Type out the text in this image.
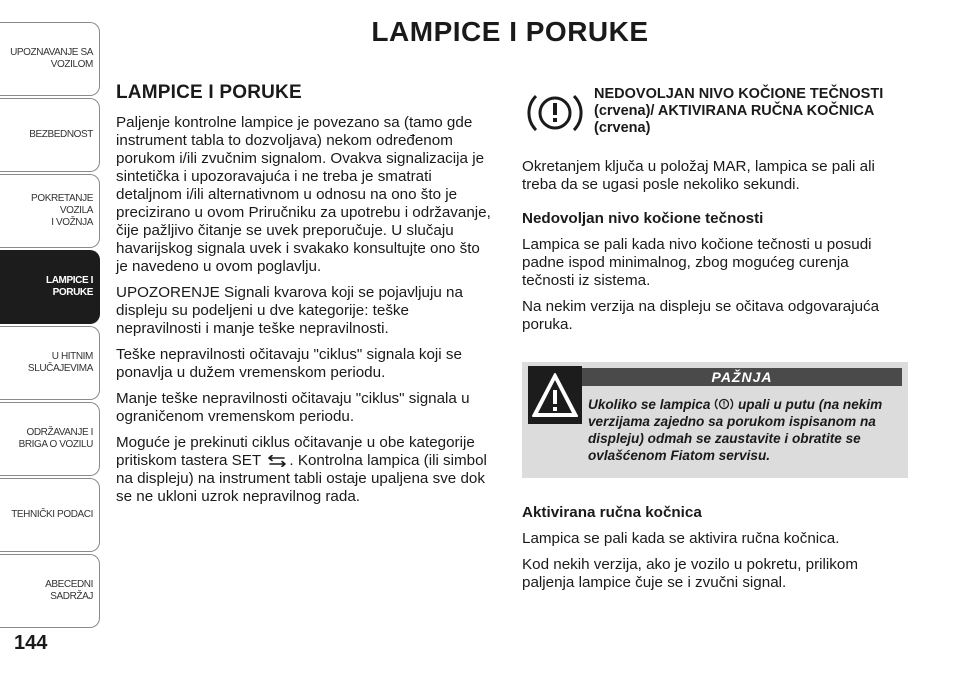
UPOZNAVANJE SA
VOZILOM
BEZBEDNOST
POKRETANJE VOZILA
I VOŽNJA
LAMPICE I
PORUKE
U HITNIM
SLUČAJEVIMA
ODRŽAVANJE I
BRIGA O VOZILU
TEHNIČKI PODACI
ABECEDNI SADRŽAJ
144
LAMPICE I PORUKE
LAMPICE I PORUKE

Paljenje kontrolne lampice je povezano sa (tamo gde instrument tabla to dozvoljava) nekom određenom porukom i/ili zvučnim signalom. Ovakva signalizacija je sintetička i upozoravajuća i ne treba je smatrati detaljnom i/ili alternativnom u odnosu na ono što je precizirano u ovom Priručniku za upotrebu i održavanje, čije pažljivo čitanje se uvek preporučuje. U slučaju havarijskog signala uvek i svakako konsultujte ono što je navedeno u ovom poglavlju.

UPOZORENJE Signali kvarova koji se pojavljuju na displeju su podeljeni u dve kategorije: teške nepravilnosti i manje teške nepravilnosti.

Teške nepravilnosti očitavaju "ciklus" signala koji se ponavlja u dužem vremenskom periodu.

Manje teške nepravilnosti očitavaju "ciklus" signala u ograničenom vremenskom periodu.

Moguće je prekinuti ciklus očitavanje u obe kategorije pritiskom tastera SET . Kontrolna lampica (ili simbol na displeju) na instrument tabli ostaje upaljena sve dok se ne ukloni uzrok nepravilnog rada.

NEDOVOLJAN NIVO KOČIONE TEČNOSTI (crvena)/ AKTIVIRANA RUČNA KOČNICA (crvena)

Okretanjem ključa u položaj MAR, lampica se pali ali treba da se ugasi posle nekoliko sekundi.

Nedovoljan nivo kočione tečnosti

Lampica se pali kada nivo kočione tečnosti u posudi padne ispod minimalnog, zbog mogućeg curenja tečnosti iz sistema.

Na nekim verzija na displeju se očitava odgovarajuća poruka.

PAŽNJA
Ukoliko se lampica upali u putu (na nekim verzijama zajedno sa porukom ispisanom na displeju) odmah se zaustavite i obratite se ovlašćenom Fiatom servisu.
Aktivirana ručna kočnica

Lampica se pali kada se aktivira ručna kočnica.

Kod nekih verzija, ako je vozilo u pokretu, prilikom paljenja lampice čuje se i zvučni signal.
